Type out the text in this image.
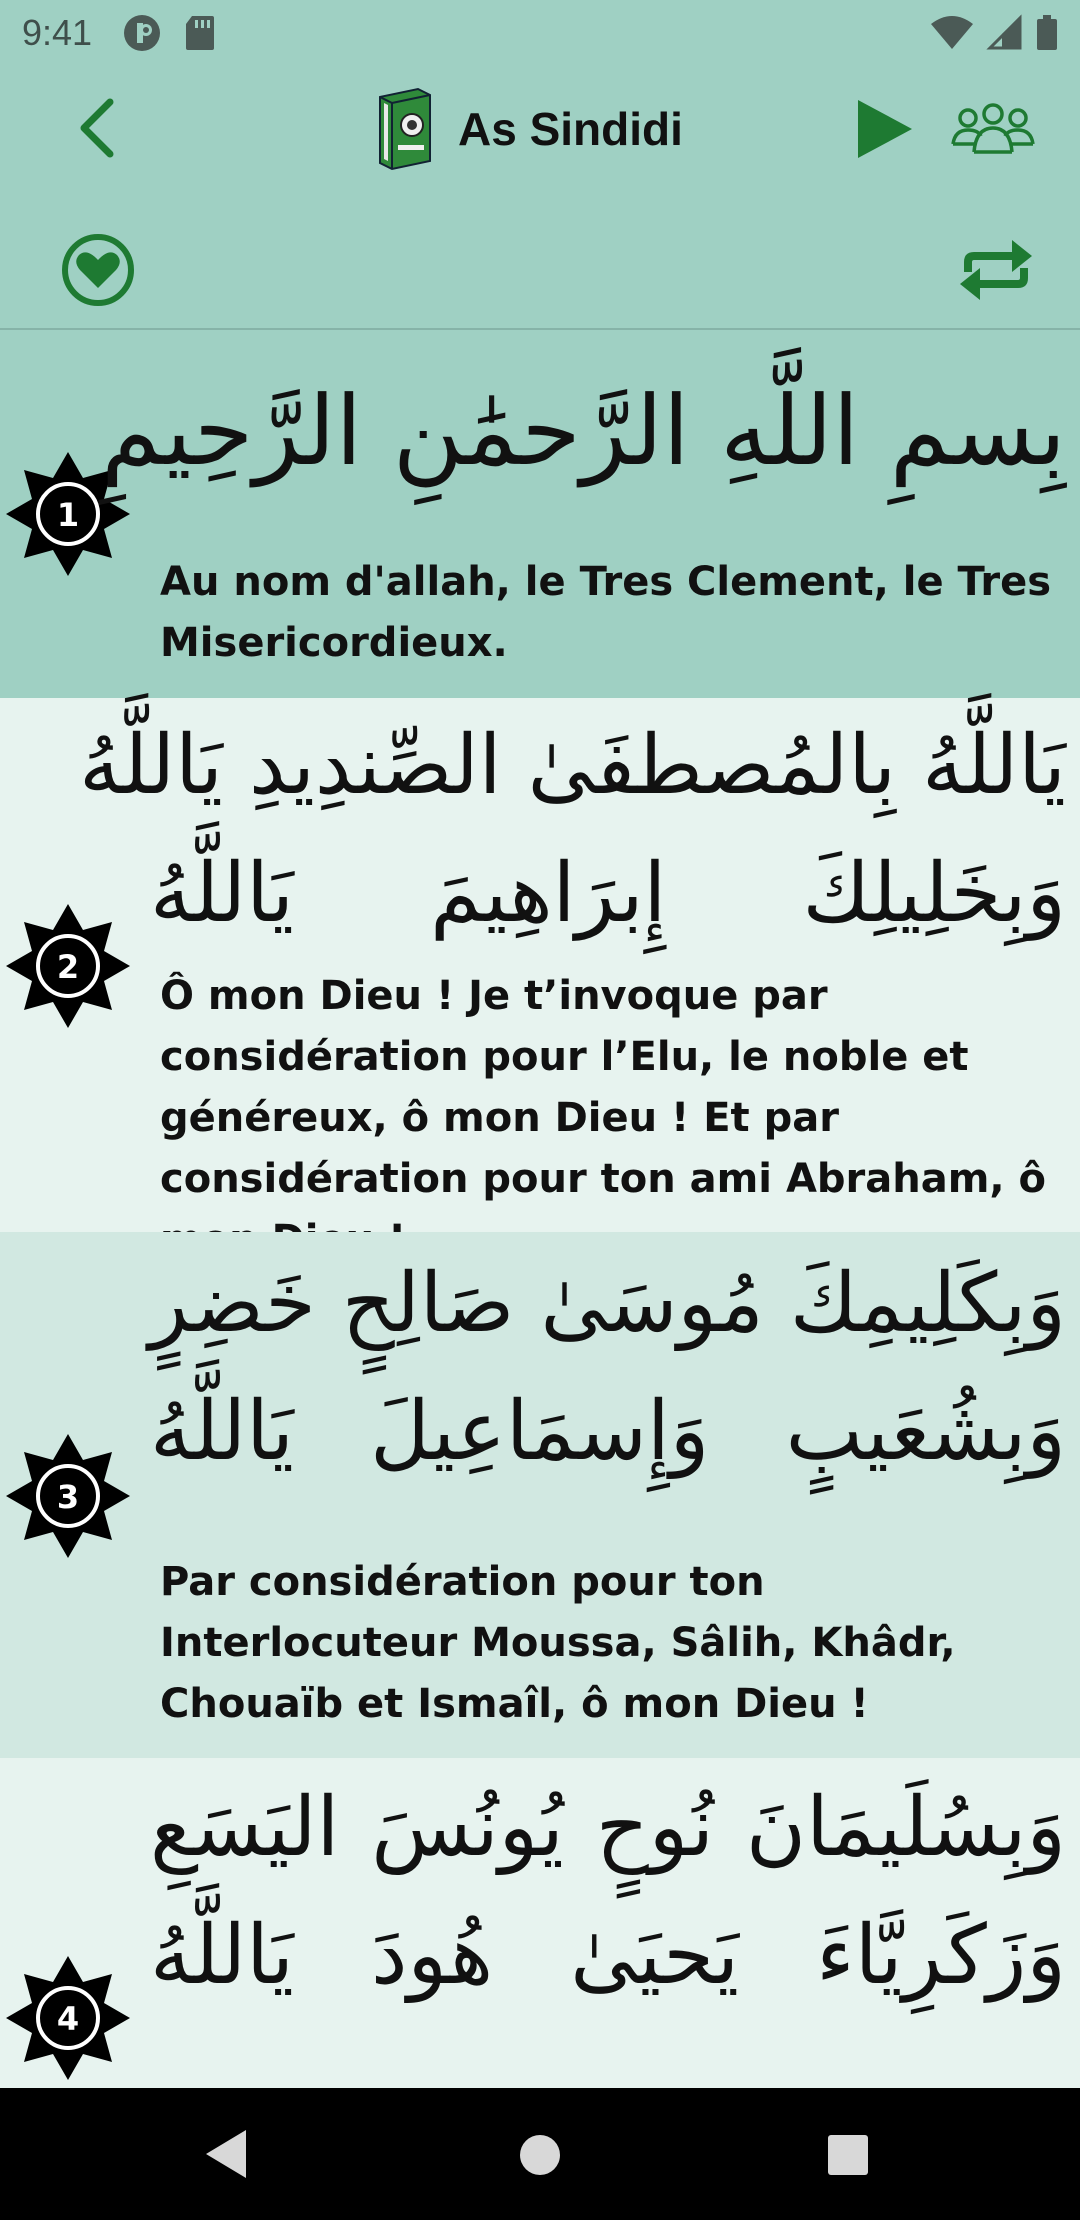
9:41
As Sindidi
1
بِسمِ اللَّهِ الرَّحمَٰنِ الرَّحِيمِ
Au nom d'allah, le Tres Clement, le Tres Misericordieux.
2
يَاللَّهُ بِالمُصطفَىٰ الصِّندِيدِ يَاللَّهُ
وَبِخَلِيلِكَ إِبرَاهِيمَ يَاللَّهُ
Ô mon Dieu ! Je t’invoque par considération pour l’Elu, le noble et généreux, ô mon Dieu ! Et par considération pour ton ami Abraham, ô
3
وَبِكَلِيمِكَ مُوسَىٰ صَالِحٍ خَضِرٍ
وَبِشُعَيبٍ وَإِسمَاعِيلَ يَاللَّهُ
Par considération pour ton Interlocuteur Moussa, Sâlih, Khâdr, Chouaïb et Ismaîl, ô mon Dieu !
4
وَبِسُلَيمَانَ نُوحٍ يُونُسَ اليَسَعِ
وَزَكَرِيَّاءَ يَحيَىٰ هُودَ يَاللَّهُ
